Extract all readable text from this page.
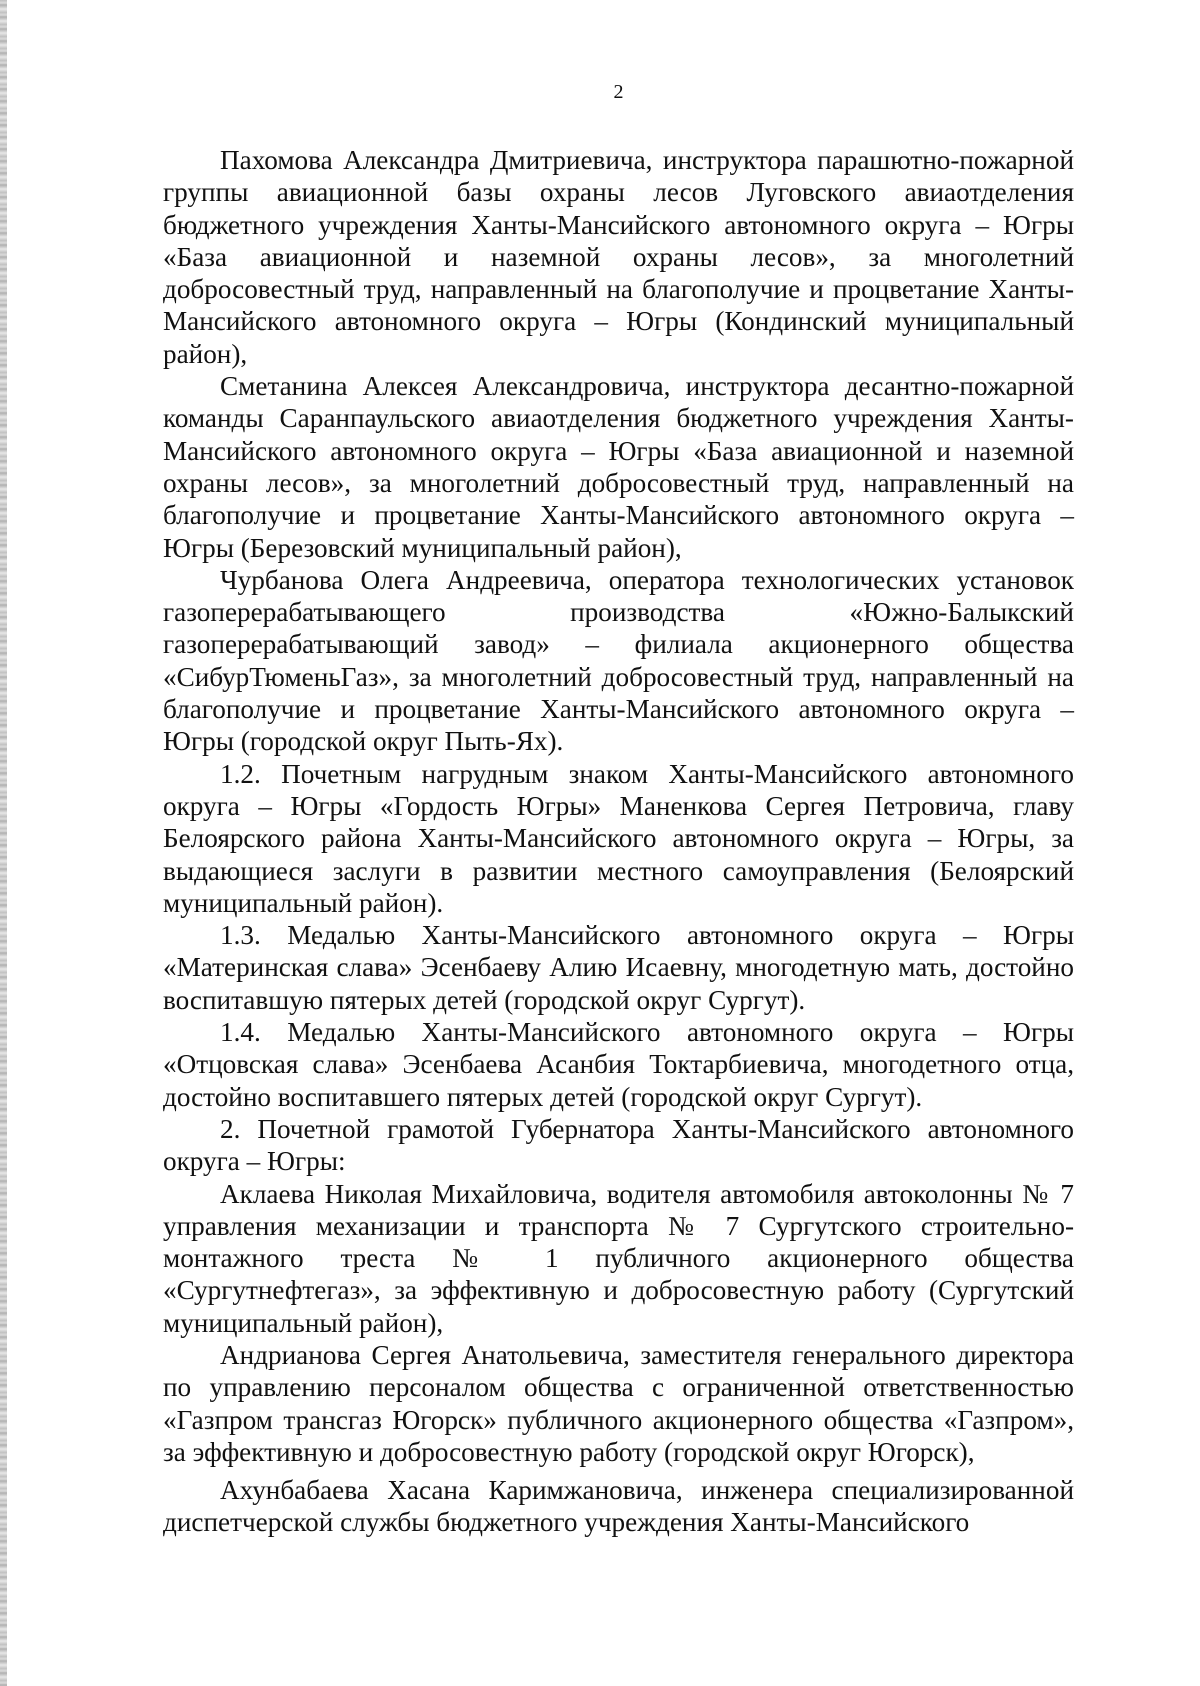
2

Пахомова Александра Дмитриевича, инструктора парашютно-пожарной группы авиационной базы охраны лесов Луговского авиаотделения бюджетного учреждения Ханты-Мансийского автономного округа – Югры «База авиационной и наземной охраны лесов», за многолетний добросовестный труд, направленный на благополучие и процветание Ханты-Мансийского автономного округа – Югры (Кондинский муниципальный район),

Сметанина Алексея Александровича, инструктора десантно-пожарной команды Саранпаульского авиаотделения бюджетного учреждения Ханты-Мансийского автономного округа – Югры «База авиационной и наземной охраны лесов», за многолетний добросовестный труд, направленный на благополучие и процветание Ханты-Мансийского автономного округа – Югры (Березовский муниципальный район),

Чурбанова Олега Андреевича, оператора технологических установок газоперерабатывающего производства «Южно-Балыкский газоперерабатывающий завод» – филиала акционерного общества «СибурТюменьГаз», за многолетний добросовестный труд, направленный на благополучие и процветание Ханты-Мансийского автономного округа – Югры (городской округ Пыть-Ях).

1.2. Почетным нагрудным знаком Ханты-Мансийского автономного округа – Югры «Гордость Югры» Маненкова Сергея Петровича, главу Белоярского района Ханты-Мансийского автономного округа – Югры, за выдающиеся заслуги в развитии местного самоуправления (Белоярский муниципальный район).

1.3. Медалью Ханты-Мансийского автономного округа – Югры «Материнская слава» Эсенбаеву Алию Исаевну, многодетную мать, достойно воспитавшую пятерых детей (городской округ Сургут).

1.4. Медалью Ханты-Мансийского автономного округа – Югры «Отцовская слава» Эсенбаева Асанбия Токтарбиевича, многодетного отца, достойно воспитавшего пятерых детей (городской округ Сургут).

2. Почетной грамотой Губернатора Ханты-Мансийского автономного округа – Югры:

Аклаева Николая Михайловича, водителя автомобиля автоколонны № 7 управления механизации и транспорта № 7 Сургутского строительно-монтажного треста № 1 публичного акционерного общества «Сургутнефтегаз», за эффективную и добросовестную работу (Сургутский муниципальный район),

Андрианова Сергея Анатольевича, заместителя генерального директора по управлению персоналом общества с ограниченной ответственностью «Газпром трансгаз Югорск» публичного акционерного общества «Газпром», за эффективную и добросовестную работу (городской округ Югорск),

Ахунбабаева Хасана Каримжановича, инженера специализированной диспетчерской службы бюджетного учреждения Ханты-Мансийского
